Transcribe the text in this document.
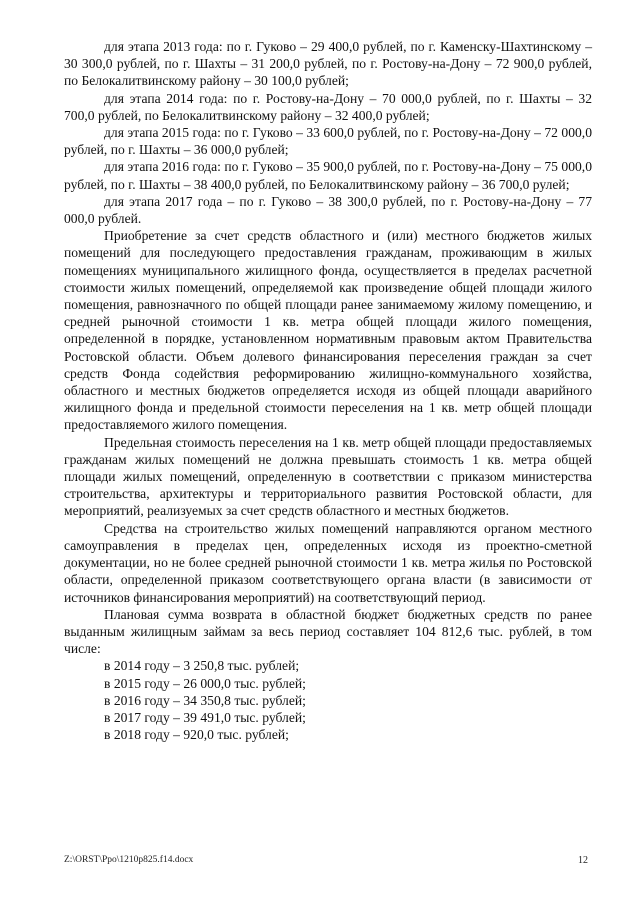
для этапа 2013 года: по г. Гуково – 29 400,0 рублей, по г. Каменску-Шахтинскому – 30 300,0 рублей, по г. Шахты – 31 200,0 рублей, по г. Ростову-на-Дону – 72 900,0 рублей, по Белокалитвинскому району – 30 100,0 рублей;

для этапа 2014 года: по г. Ростову-на-Дону – 70 000,0 рублей, по г. Шахты – 32 700,0 рублей, по Белокалитвинскому району – 32 400,0 рублей;

для этапа 2015 года: по г. Гуково – 33 600,0 рублей, по г. Ростову-на-Дону – 72 000,0 рублей, по г. Шахты – 36 000,0 рублей;

для этапа 2016 года: по г. Гуково – 35 900,0 рублей, по г. Ростову-на-Дону – 75 000,0 рублей, по г. Шахты – 38 400,0 рублей, по Белокалитвинскому району – 36 700,0 рулей;

для этапа 2017 года – по г. Гуково – 38 300,0 рублей, по г. Ростову-на-Дону – 77 000,0 рублей.

Приобретение за счет средств областного и (или) местного бюджетов жилых помещений для последующего предоставления гражданам, проживающим в жилых помещениях муниципального жилищного фонда, осуществляется в пределах расчетной стоимости жилых помещений, определяемой как произведение общей площади жилого помещения, равнозначного по общей площади ранее занимаемому жилому помещению, и средней рыночной стоимости 1 кв. метра общей площади жилого помещения, определенной в порядке, установленном нормативным правовым актом Правительства Ростовской области. Объем долевого финансирования переселения граждан за счет средств Фонда содействия реформированию жилищно-коммунального хозяйства, областного и местных бюджетов определяется исходя из общей площади аварийного жилищного фонда и предельной стоимости переселения на 1 кв. метр общей площади предоставляемого жилого помещения.

Предельная стоимость переселения на 1 кв. метр общей площади предоставляемых гражданам жилых помещений не должна превышать стоимость 1 кв. метра общей площади жилых помещений, определенную в соответствии с приказом министерства строительства, архитектуры и территориального развития Ростовской области, для мероприятий, реализуемых за счет средств областного и местных бюджетов.

Средства на строительство жилых помещений направляются органом местного самоуправления в пределах цен, определенных исходя из проектно-сметной документации, но не более средней рыночной стоимости 1 кв. метра жилья по Ростовской области, определенной приказом соответствующего органа власти (в зависимости от источников финансирования мероприятий) на соответствующий период.

Плановая сумма возврата в областной бюджет бюджетных средств по ранее выданным жилищным займам за весь период составляет 104 812,6 тыс. рублей, в том числе:

в 2014 году – 3 250,8 тыс. рублей;

в 2015 году – 26 000,0 тыс. рублей;

в 2016 году – 34 350,8 тыс. рублей;

в 2017 году – 39 491,0 тыс. рублей;

в 2018 году – 920,0 тыс. рублей;

Z:\ORST\Ppo\1210p825.f14.docx	12
